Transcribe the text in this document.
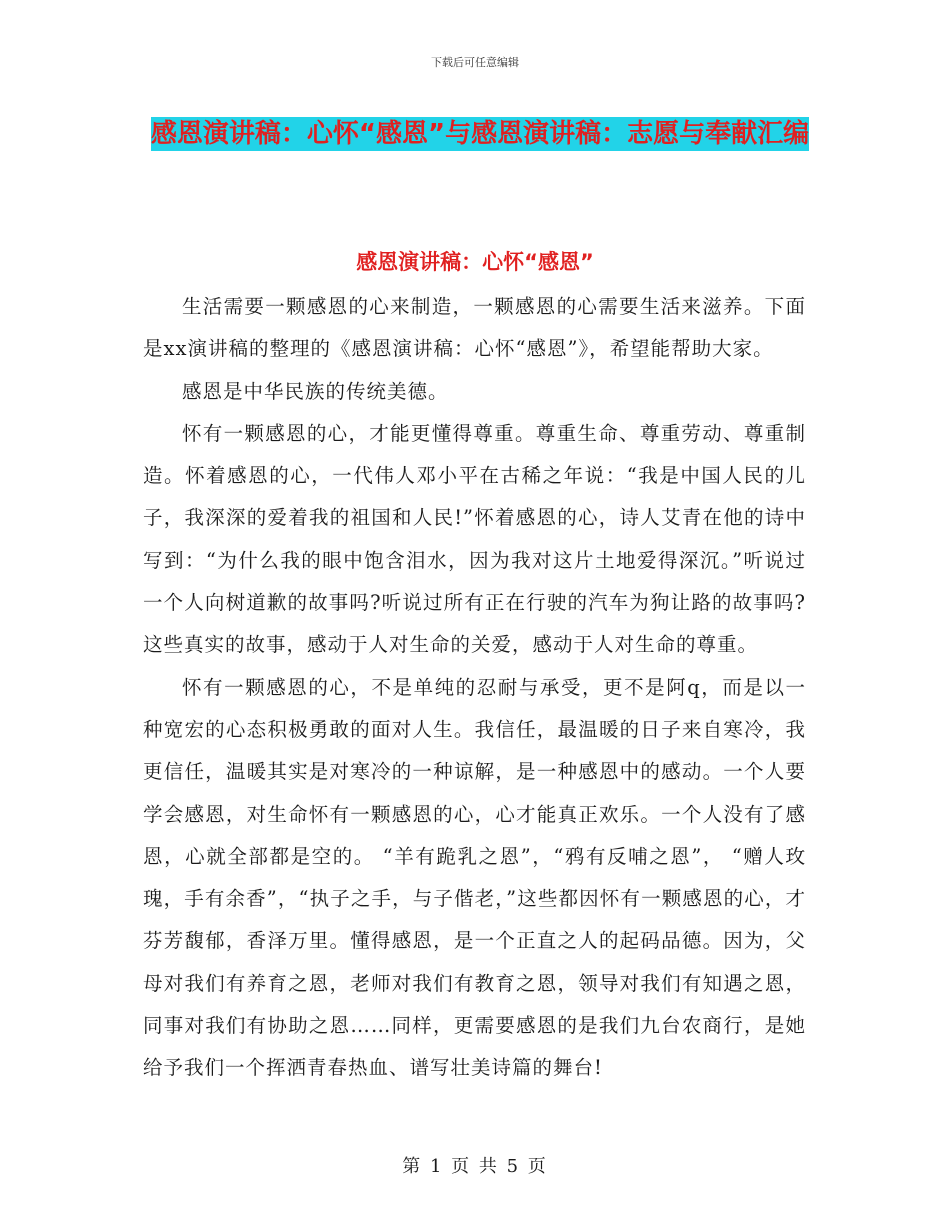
下载后可任意编辑
感恩演讲稿：心怀“感恩”与感恩演讲稿：志愿与奉献汇编
感恩演讲稿：心怀“感恩”

生活需要一颗感恩的心来制造，一颗感恩的心需要生活来滋养。下面是xx演讲稿的整理的《感恩演讲稿：心怀“感恩”》，希望能帮助大家。

感恩是中华民族的传统美德。

怀有一颗感恩的心，才能更懂得尊重。尊重生命、尊重劳动、尊重制造。怀着感恩的心，一代伟人邓小平在古稀之年说：“我是中国人民的儿子，我深深的爱着我的祖国和人民!”怀着感恩的心，诗人艾青在他的诗中写到：“为什么我的眼中饱含泪水，因为我对这片土地爱得深沉。”听说过一个人向树道歉的故事吗?听说过所有正在行驶的汽车为狗让路的故事吗?这些真实的故事，感动于人对生命的关爱，感动于人对生命的尊重。

怀有一颗感恩的心，不是单纯的忍耐与承受，更不是阿q，而是以一种宽宏的心态积极勇敢的面对人生。我信任，最温暖的日子来自寒冷，我更信任，温暖其实是对寒冷的一种谅解，是一种感恩中的感动。一个人要学会感恩，对生命怀有一颗感恩的心，心才能真正欢乐。一个人没有了感恩，心就全部都是空的。 “羊有跪乳之恩”，“鸦有反哺之恩”， “赠人玫瑰，手有余香”，“执子之手，与子偕老，”这些都因怀有一颗感恩的心，才芬芳馥郁，香泽万里。懂得感恩，是一个正直之人的起码品德。因为，父母对我们有养育之恩，老师对我们有教育之恩，领导对我们有知遇之恩，同事对我们有协助之恩……同样，更需要感恩的是我们九台农商行，是她给予我们一个挥洒青春热血、谱写壮美诗篇的舞台!

第 1 页 共 5 页
